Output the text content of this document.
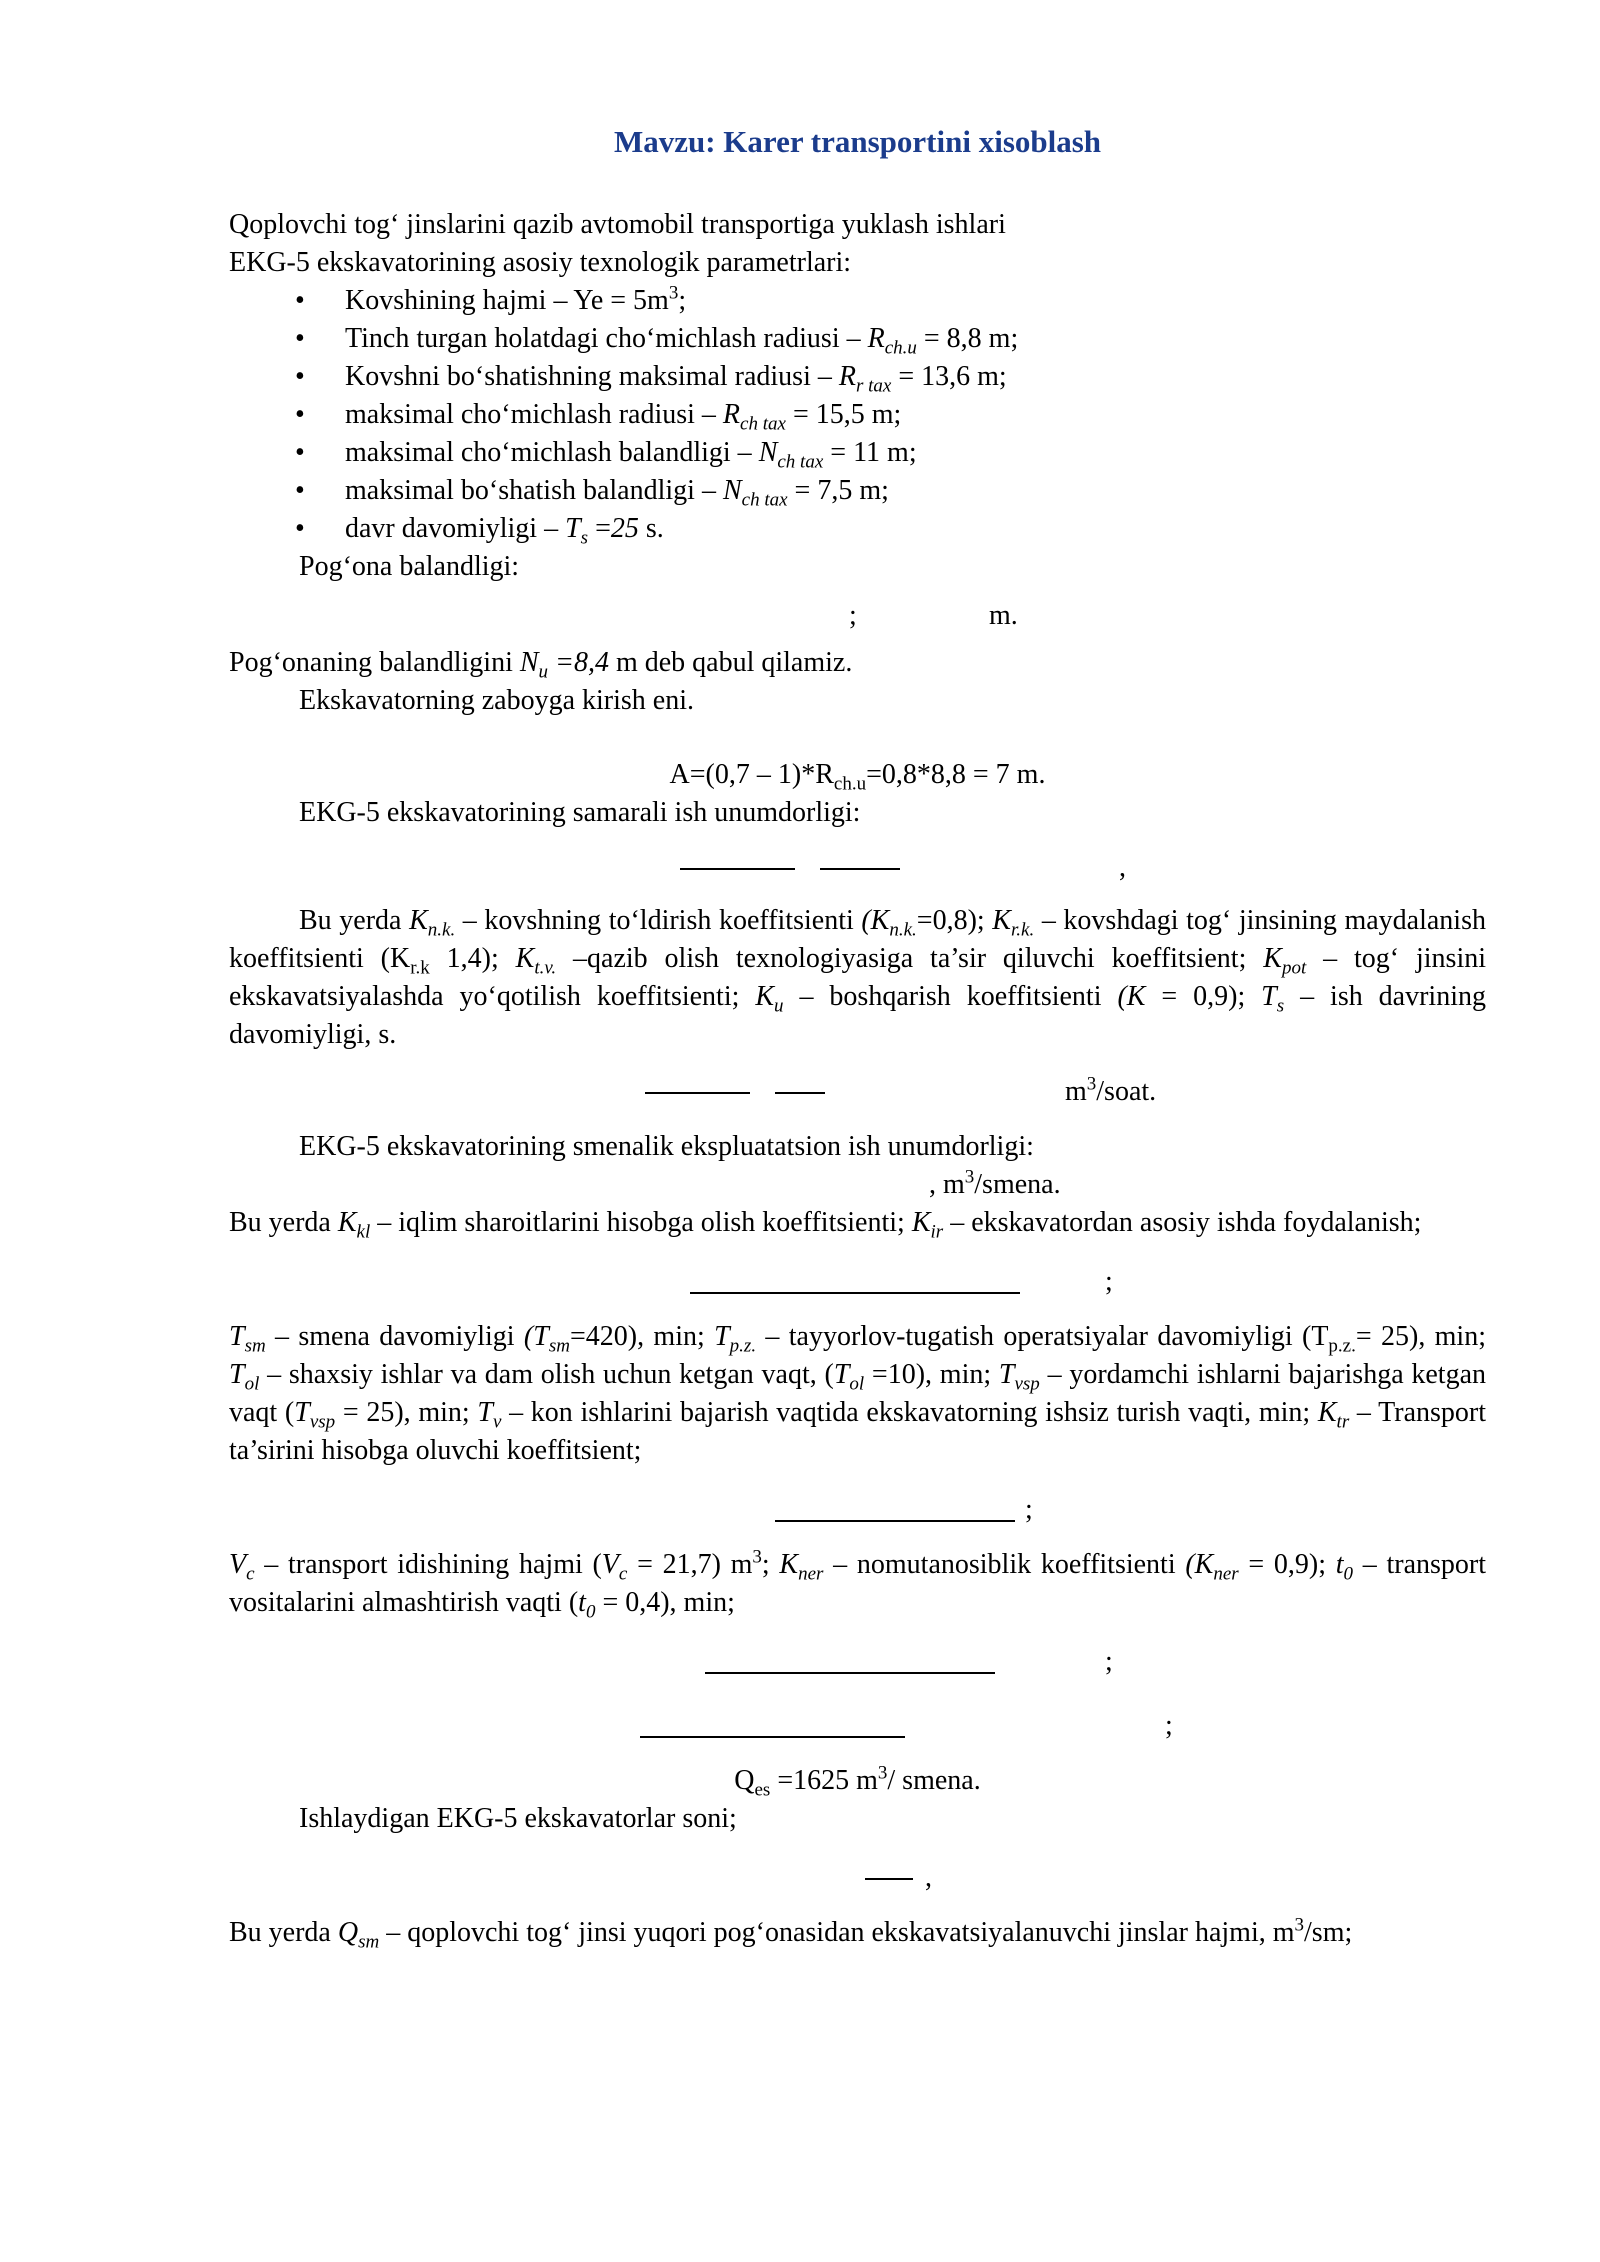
Mavzu: Karer transportini xisoblash

Qoplovchi tog‘ jinslarini qazib avtomobil transportiga yuklash ishlari

EKG-5 ekskavatorining asosiy texnologik parametrlari:

• Kovshining hajmi – $Ye = 5m^3$;
• Tinch turgan holatdagi cho‘michlash radiusi – $R_{ch.u} = 8,8$ m;
• Kovshni bo‘shatishning maksimal radiusi – $R_{r tax} = 13,6$ m;
• maksimal cho‘michlash radiusi – $R_{ch tax} = 15,5$ m;
• maksimal cho‘michlash balandligi – $N_{ch tax} = 11$ m;
• maksimal bo‘shatish balandligi – $N_{ch tax} = 7,5$ m;
• davr davomiyligi – $T_s =25$ s.

Pog‘ona balandligi:

;	m.

Pog‘onaning balandligini $N_u =8,4$ m deb qabul qilamiz.

Ekskavatorning zaboyga kirish eni.

$A=(0,7 - 1)*R_{ch.u}=0,8*8,8 = 7$ m.

EKG-5 ekskavatorining samarali ish unumdorligi:

,

Bu yerda $K_{n.k.}$ – kovshning to‘ldirish koeffitsienti $(K_{n.k.}=0,8)$; $K_{r.k.}$ – kovshdagi tog‘ jinsining maydalanish koeffitsienti ($K_{r.k}$ 1,4); $K_{t.v.}$ –qazib olish texnologiyasiga ta’sir qiluvchi koeffitsient; $K_{pot}$ – tog‘ jinsini ekskavatsiyalashda yo‘qotilish koeffitsienti; $K_u$ – boshqarish koeffitsienti (K = 0,9); $T_s$ – ish davrining davomiyligi, s.

$m^3$/soat.

EKG-5 ekskavatorining smenalik ekspluatatsion ish unumdorligi:

, $m^3$/smena.

Bu yerda $K_{kl}$ – iqlim sharoitlarini hisobga olish koeffitsienti; $K_{ir}$ – ekskavatordan asosiy ishda foydalanish;

;

$T_{sm}$ – smena davomiyligi $(T_{sm}=420)$, min; $T_{p.z.}$ – tayyorlov-tugatish operatsiyalar davomiyligi $(T_{p.z.}= 25)$, min; $T_{ol}$ – shaxsiy ishlar va dam olish uchun ketgan vaqt, $(T_{ol} =10)$, min; $T_{vsp}$ – yordamchi ishlarni bajarishga ketgan vaqt $(T_{vsp} = 25)$, min; $T_v$ – kon ishlarini bajarish vaqtida ekskavatorning ishsiz turish vaqti, min; $K_{tr}$ – Transport ta’sirini hisobga oluvchi koeffitsient;

;

$V_c$ – transport idishining hajmi $(V_c = 21,7)$ $m^3$; $K_{ner}$ – nomutanosiblik koeffitsienti $(K_{ner} = 0,9)$; $t_0$ – transport vositalarini almashtirish vaqti $(t_0 = 0,4)$, min;

;
;

$Q_{es} =1625$ $m^3/$ smena.

Ishlaydigan EKG-5 ekskavatorlar soni;

,

Bu yerda $Q_{sm}$ – qoplovchi tog‘ jinsi yuqori pog‘onasidan ekskavatsiyalanuvchi jinslar hajmi, $m^3/sm$;
